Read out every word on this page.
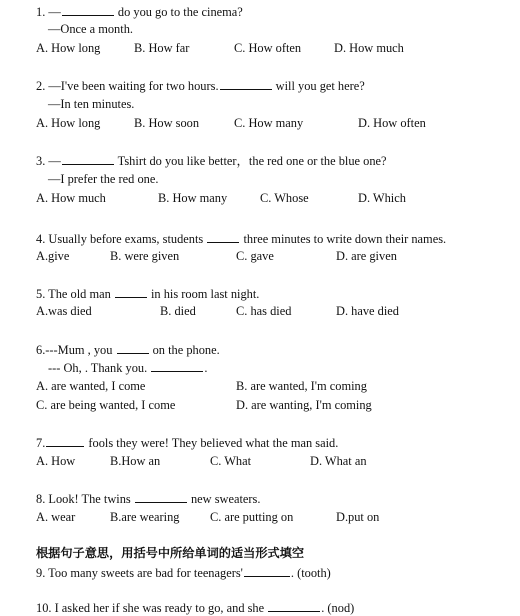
1. —	do you go to the cinema?
—Once a month.
A. How long	B. How far	C. How often	D. How much
2. —I've been waiting for two hours.	will you get here?
—In ten minutes.
A. How long	B. How soon	C. How many	D. How often
3. —	Tshirt do you like better，the red one or the blue one?
—I prefer the red one.
A. How much	B. How many	C. Whose	D. Which
4. Usually before exams, students	three minutes to write down their names.
A.give	B. were given	C. gave	D. are given
5. The old man	in his room last night.
A.was died	B. died	C. has died	D. have died
6.---Mum , you	on the phone.
--- Oh, . Thank you.	.
A. are wanted, I come	B. are wanted, I'm coming
C. are being wanted, I come	D. are wanting, I'm coming
7.	fools they were! They believed what the man said.
A. How	B.How an	C. What	D. What an
8. Look! The twins	new sweaters.
A. wear	B.are wearing C. are putting on	D.put on
根据句子意思，用括号中所给单词的适当形式填空
9. Too many sweets are bad for teenagers'	. (tooth)
10. I asked her if she was ready to go, and she	. (nod)
